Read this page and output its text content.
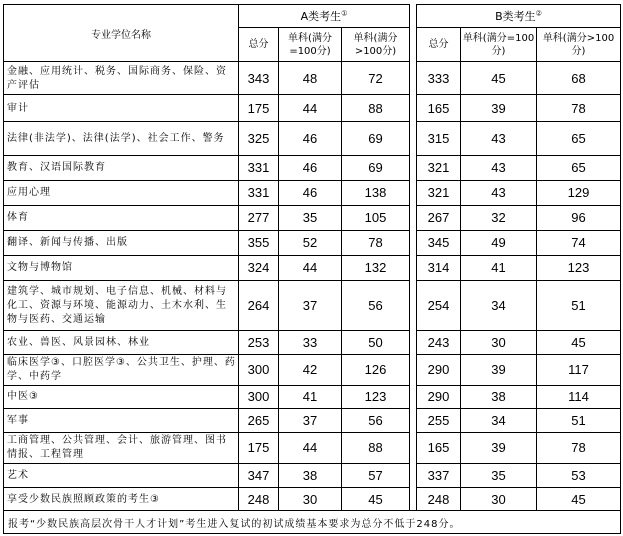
专业学位名称	A类考生①				B类考生②
	总分	单科(满分=100分)	单科(满分>100分)		总分	单科(满分=100分)	单科(满分>100分)
金融、应用统计、税务、国际商务、保险、资产评估	343	48	72		333	45	68
审计	175	44	88		165	39	78
法律(非法学)、法律(法学)、社会工作、警务	325	46	69		315	43	65
教育、汉语国际教育	331	46	69		321	43	65
应用心理	331	46	138		321	43	129
体育	277	35	105		267	32	96
翻译、新闻与传播、出版	355	52	78		345	49	74
文物与博物馆	324	44	132		314	41	123
建筑学、城市规划、电子信息、机械、材料与化工、资源与环境、能源动力、土木水利、生物与医药、交通运输	264	37	56		254	34	51
农业、兽医、风景园林、林业	253	33	50		243	30	45
临床医学③、口腔医学③、公共卫生、护理、药学、中药学	300	42	126		290	39	117
中医③	300	41	123		290	38	114
军事	265	37	56		255	34	51
工商管理、公共管理、会计、旅游管理、图书情报、工程管理	175	44	88		165	39	78
艺术	347	38	57		337	35	53
享受少数民族照顾政策的考生③	248	30	45		248	30	45
报考“少数民族高层次骨干人才计划”考生进入复试的初试成绩基本要求为总分不低于248分。							
